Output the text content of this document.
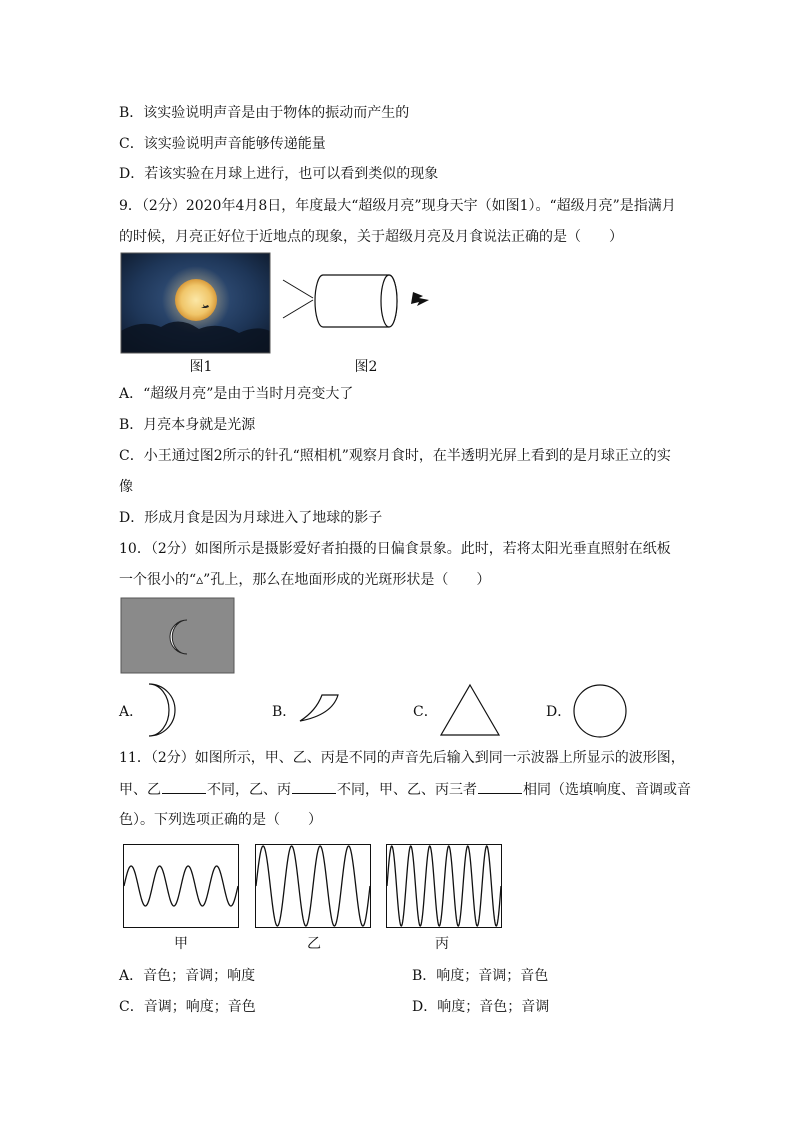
B．该实验说明声音是由于物体的振动而产生的
C．该实验说明声音能够传递能量
D．若该实验在月球上进行，也可以看到类似的现象
9．（2分）2020年4月8日，年度最大“超级月亮”现身天宇（如图1）。“超级月亮”是指满月
的时候，月亮正好位于近地点的现象，关于超级月亮及月食说法正确的是（　　）
图1	图2
A．“超级月亮”是由于当时月亮变大了
B．月亮本身就是光源
C．小王通过图2所示的针孔“照相机”观察月食时，在半透明光屏上看到的是月球正立的实
像
D．形成月食是因为月球进入了地球的影子
10．（2分）如图所示是摄影爱好者拍摄的日偏食景象。此时，若将太阳光垂直照射在纸板
一个很小的“▵”孔上，那么在地面形成的光斑形状是（　　）
A．	B．	C．	D．
11．（2分）如图所示，甲、乙、丙是不同的声音先后输入到同一示波器上所显示的波形图，
甲、乙	不同，乙、丙	不同，甲、乙、丙三者	相同（选填响度、音调或音
色）。下列选项正确的是（　　）
甲	乙	丙
A．音色；音调；响度	B．响度；音调；音色
C．音调；响度；音色	D．响度；音色；音调
